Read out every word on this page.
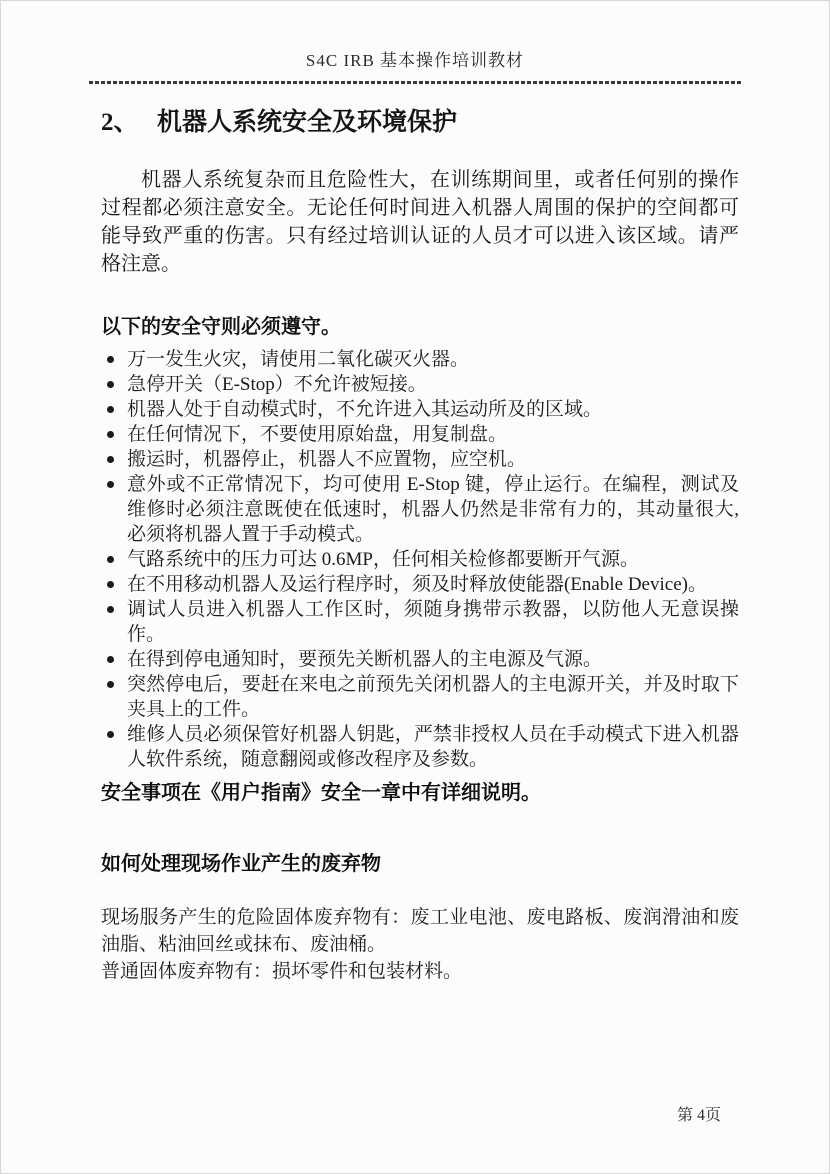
S4C IRB 基本操作培训教材
2、 机器人系统安全及环境保护

机器人系统复杂而且危险性大，在训练期间里，或者任何别的操作过程都必须注意安全。无论任何时间进入机器人周围的保护的空间都可能导致严重的伤害。只有经过培训认证的人员才可以进入该区域。请严格注意。

以下的安全守则必须遵守。
万一发生火灾，请使用二氧化碳灭火器。
急停开关（E-Stop）不允许被短接。
机器人处于自动模式时，不允许进入其运动所及的区域。
在任何情况下，不要使用原始盘，用复制盘。
搬运时，机器停止，机器人不应置物，应空机。
意外或不正常情况下，均可使用 E-Stop 键，停止运行。在编程，测试及维修时必须注意既使在低速时，机器人仍然是非常有力的，其动量很大,必须将机器人置于手动模式。
气路系统中的压力可达 0.6MP，任何相关检修都要断开气源。
在不用移动机器人及运行程序时，须及时释放使能器(Enable Device)。
调试人员进入机器人工作区时，须随身携带示教器，以防他人无意误操作。
在得到停电通知时，要预先关断机器人的主电源及气源。
突然停电后，要赶在来电之前预先关闭机器人的主电源开关，并及时取下夹具上的工件。
维修人员必须保管好机器人钥匙，严禁非授权人员在手动模式下进入机器人软件系统，随意翻阅或修改程序及参数。

安全事项在《用户指南》安全一章中有详细说明。

如何处理现场作业产生的废弃物

现场服务产生的危险固体废弃物有：废工业电池、废电路板、废润滑油和废油脂、粘油回丝或抹布、废油桶。

普通固体废弃物有：损坏零件和包装材料。

第 4页
